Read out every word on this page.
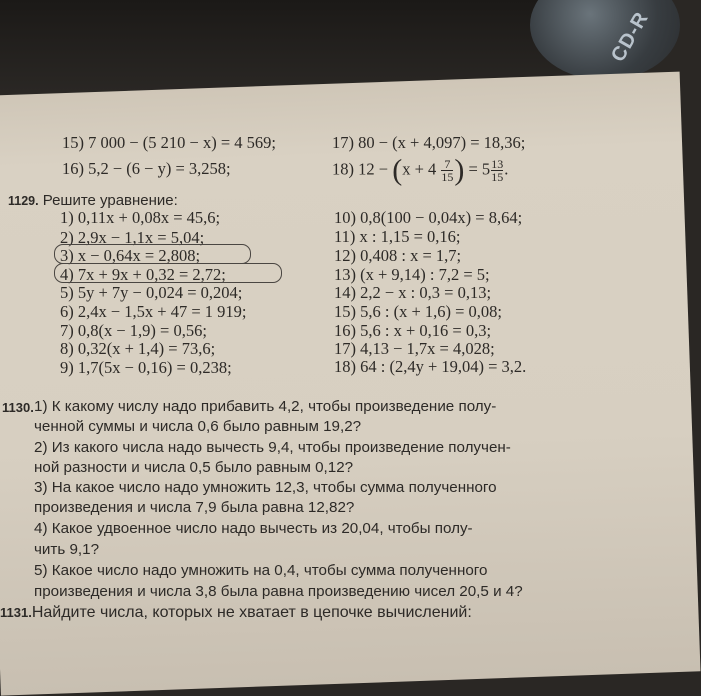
CD-R
15) 7 000 − (5 210 − x) = 4 569;	17) 80 − (x + 4,097) = 18,36;
16) 5,2 − (6 − y) = 3,258;	18) $12 - (x + 4 \frac{7}{15}$ ) = $5 \frac{13}{15}$ .
1129. Решите уравнение:
1) 0,11x + 0,08x = 45,6;
2) 2,9x − 1,1x = 5,04;
3) x − 0,64x = 2,808;
4) 7x + 9x + 0,32 = 2,72;
5) 5y + 7y − 0,024 = 0,204;
6) 2,4x − 1,5x + 47 = 1 919;
7) 0,8(x − 1,9) = 0,56;
8) 0,32(x + 1,4) = 73,6;
9) 1,7(5x − 0,16) = 0,238;
10) 0,8(100 − 0,04x) = 8,64;
11) x : 1,15 = 0,16;
12) 0,408 : x = 1,7;
13) (x + 9,14) : 7,2 = 5;
14) 2,2 − x : 0,3 = 0,13;
15) 5,6 : (x + 1,6) = 0,08;
16) 5,6 : x + 0,16 = 0,3;
17) 4,13 − 1,7x = 4,028;
18) 64 : (2,4y + 19,04) = 3,2.
1130. 1) К какому числу надо прибавить 4,2, чтобы произведение полу-
ченной суммы и числа 0,6 было равным 19,2?
2) Из какого числа надо вычесть 9,4, чтобы произведение получен-
ной разности и числа 0,5 было равным 0,12?
3) На какое число надо умножить 12,3, чтобы сумма полученного
произведения и числа 7,9 была равна 12,82?
4) Какое удвоенное число надо вычесть из 20,04, чтобы полу-
чить 9,1?
5) Какое число надо умножить на 0,4, чтобы сумма полученного
произведения и числа 3,8 была равна произведению чисел 20,5 и 4?
1131.Найдите числа, которых не хватает в цепочке вычислений:
